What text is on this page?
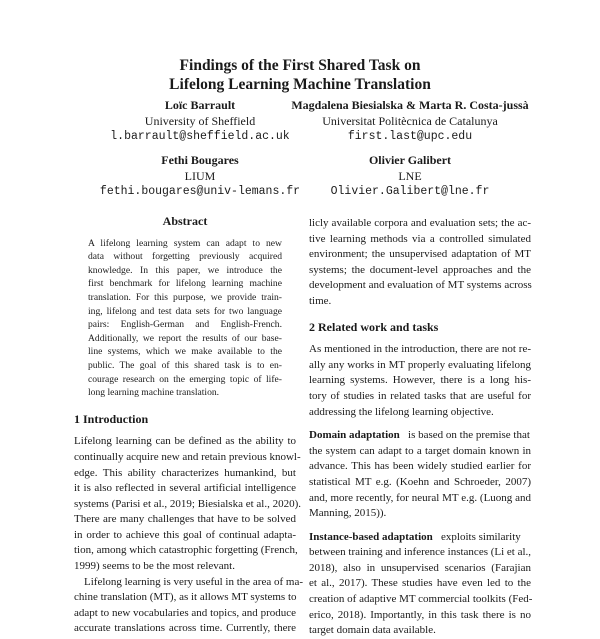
Findings of the First Shared Task on
Lifelong Learning Machine Translation
Loïc Barrault
University of Sheffield
l.barrault@sheffield.ac.uk
Magdalena Biesialska & Marta R. Costa-jussà
Universitat Politècnica de Catalunya
first.last@upc.edu
Fethi Bougares
LIUM
fethi.bougares@univ-lemans.fr
Olivier Galibert
LNE
Olivier.Galibert@lne.fr
Abstract
A lifelong learning system can adapt to new
data without forgetting previously acquired
knowledge. In this paper, we introduce the
first benchmark for lifelong learning machine
translation. For this purpose, we provide train-
ing, lifelong and test data sets for two language
pairs: English-German and English-French.
Additionally, we report the results of our base-
line systems, which we make available to the
public. The goal of this shared task is to en-
courage research on the emerging topic of life-
long learning machine translation.
1 Introduction
Lifelong learning can be defined as the ability to
continually acquire new and retain previous knowl-
edge. This ability characterizes humankind, but
it is also reflected in several artificial intelligence
systems (Parisi et al., 2019; Biesialska et al., 2020).
There are many challenges that have to be solved
in order to achieve this goal of continual adapta-
tion, among which catastrophic forgetting (French,
1999) seems to be the most relevant.
Lifelong learning is very useful in the area of ma-
chine translation (MT), as it allows MT systems to
adapt to new vocabularies and topics, and produce
accurate translations across time. Currently, there
licly available corpora and evaluation sets; the ac-
tive learning methods via a controlled simulated
environment; the unsupervised adaptation of MT
systems; the document-level approaches and the
development and evaluation of MT systems across
time.
2 Related work and tasks
As mentioned in the introduction, there are not re-
ally any works in MT properly evaluating lifelong
learning systems. However, there is a long his-
tory of studies in related tasks that are useful for
addressing the lifelong learning objective.
Domain adaptation is based on the premise that
the system can adapt to a target domain known in
advance. This has been widely studied earlier for
statistical MT e.g. (Koehn and Schroeder, 2007)
and, more recently, for neural MT e.g. (Luong and
Manning, 2015)).
Instance-based adaptation exploits similarity
between training and inference instances (Li et al.,
2018), also in unsupervised scenarios (Farajian
et al., 2017). These studies have even led to the
creation of adaptive MT commercial toolkits (Fed-
erico, 2018). Importantly, in this task there is no
target domain data available.
